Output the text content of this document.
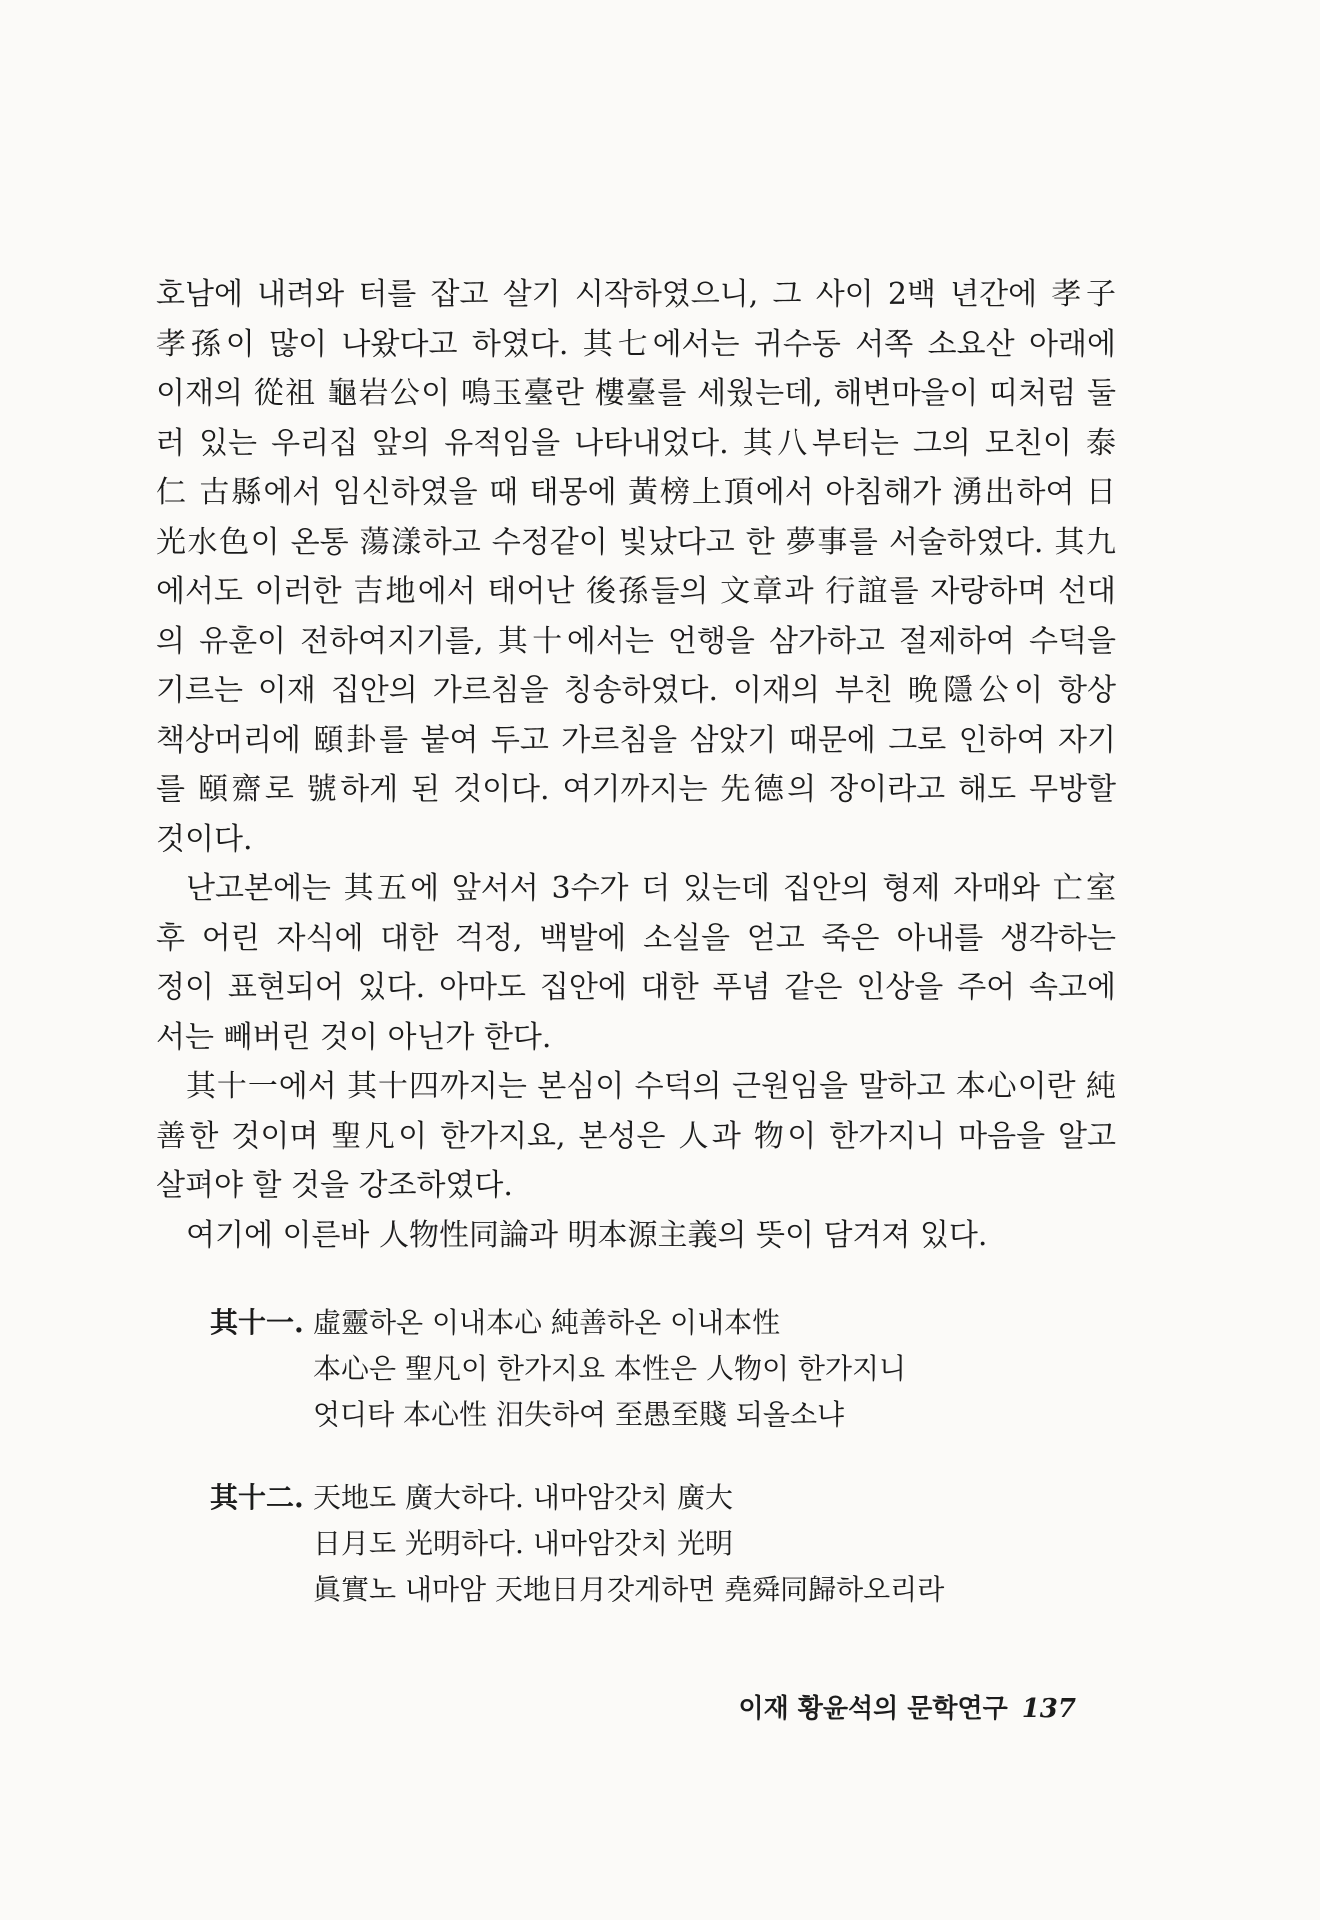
호남에 내려와 터를 잡고 살기 시작하였으니, 그 사이 2백 년간에 孝子
孝孫이 많이 나왔다고 하였다. 其七에서는 귀수동 서쪽 소요산 아래에
이재의 從祖 龜岩公이 鳴玉臺란 樓臺를 세웠는데, 해변마을이 띠처럼 둘
러 있는 우리집 앞의 유적임을 나타내었다. 其八부터는 그의 모친이 泰
仁 古縣에서 임신하였을 때 태몽에 黃榜上頂에서 아침해가 湧出하여 日
光水色이 온통 蕩漾하고 수정같이 빛났다고 한 夢事를 서술하였다. 其九
에서도 이러한 吉地에서 태어난 後孫들의 文章과 行誼를 자랑하며 선대
의 유훈이 전하여지기를, 其十에서는 언행을 삼가하고 절제하여 수덕을
기르는 이재 집안의 가르침을 칭송하였다. 이재의 부친 晩隱公이 항상
책상머리에 頤卦를 붙여 두고 가르침을 삼았기 때문에 그로 인하여 자기
를 頤齋로 號하게 된 것이다. 여기까지는 先德의 장이라고 해도 무방할
것이다.
난고본에는 其五에 앞서서 3수가 더 있는데 집안의 형제 자매와 亡室
후 어린 자식에 대한 걱정, 백발에 소실을 얻고 죽은 아내를 생각하는
정이 표현되어 있다. 아마도 집안에 대한 푸념 같은 인상을 주어 속고에
서는 빼버린 것이 아닌가 한다.
其十一에서 其十四까지는 본심이 수덕의 근원임을 말하고 本心이란 純
善한 것이며 聖凡이 한가지요, 본성은 人과 物이 한가지니 마음을 알고
살펴야 할 것을 강조하였다.
여기에 이른바 人物性同論과 明本源主義의 뜻이 담겨져 있다.
其十一. 虛靈하온 이내本心 純善하온 이내本性
本心은 聖凡이 한가지요 本性은 人物이 한가지니
엇디타 本心性 汨失하여 至愚至賤 되올소냐
其十二. 天地도 廣大하다. 내마암갓치 廣大
日月도 光明하다. 내마암갓치 光明
眞實노 내마암 天地日月갓게하면 堯舜同歸하오리라
이재 황윤석의 문학연구 137
